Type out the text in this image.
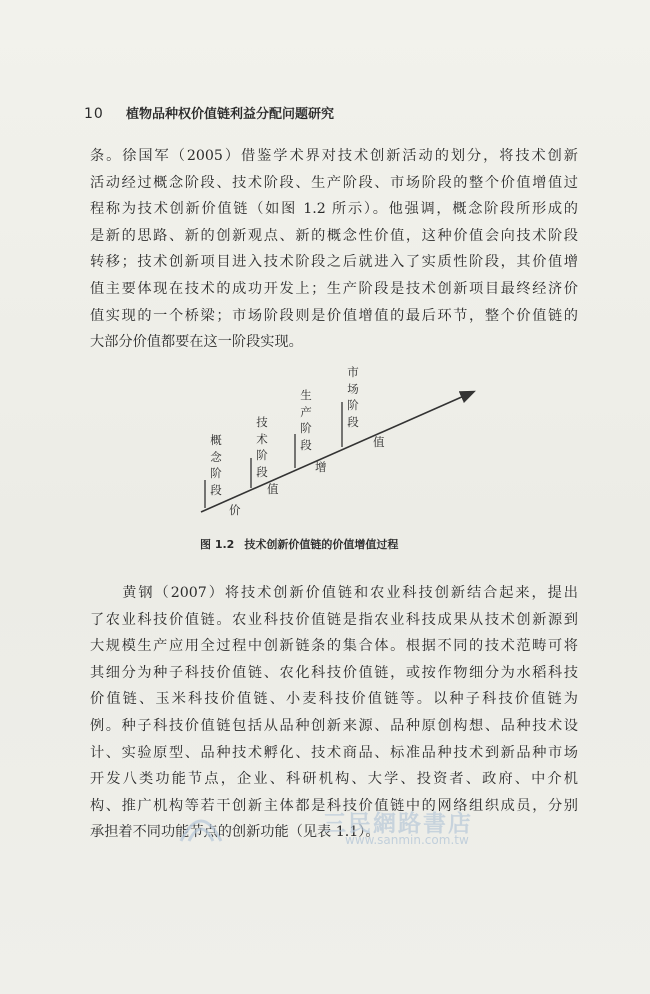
10 植物品种权价值链利益分配问题研究
条。徐国军（2005）借鉴学术界对技术创新活动的划分，将技术创新
活动经过概念阶段、技术阶段、生产阶段、市场阶段的整个价值增值过
程称为技术创新价值链（如图 1.2 所示）。他强调，概念阶段所形成的
是新的思路、新的创新观点、新的概念性价值，这种价值会向技术阶段
转移；技术创新项目进入技术阶段之后就进入了实质性阶段，其价值增
值主要体现在技术的成功开发上；生产阶段是技术创新项目最终经济价
值实现的一个桥梁；市场阶段则是价值增值的最后环节，整个价值链的
大部分价值都要在这一阶段实现。
概念阶段
技术阶段
生产阶段
市场阶段
价
值
增
值
图 1.2 技术创新价值链的价值增值过程
　　黄钢（2007）将技术创新价值链和农业科技创新结合起来，提出
了农业科技价值链。农业科技价值链是指农业科技成果从技术创新源到
大规模生产应用全过程中创新链条的集合体。根据不同的技术范畴可将
其细分为种子科技价值链、农化科技价值链，或按作物细分为水稻科技
价值链、玉米科技价值链、小麦科技价值链等。以种子科技价值链为
例。种子科技价值链包括从品种创新来源、品种原创构想、品种技术设
计、实验原型、品种技术孵化、技术商品、标准品种技术到新品种市场
开发八类功能节点，企业、科研机构、大学、投资者、政府、中介机
构、推广机构等若干创新主体都是科技价值链中的网络组织成员，分别
承担着不同功能节点的创新功能（见表 1.1）。
三民網路書店
www.sanmin.com.tw
